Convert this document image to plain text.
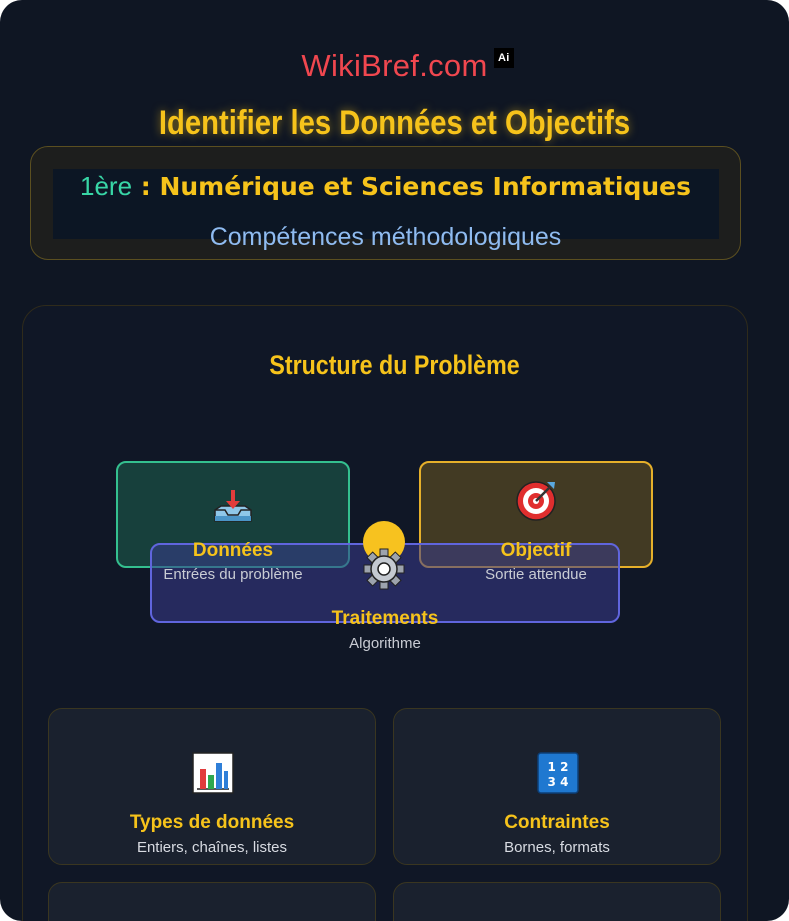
WikiBref.com Ai
Identifier les Données et Objectifs
1ère : Numérique et Sciences Informatiques
Compétences méthodologiques
Structure du Problème
Données
Entrées du problème
Objectif
Sortie attendue
Traitements
Algorithme
Types de données
Entiers, chaînes, listes
1 2
3 4
Contraintes
Bornes, formats
